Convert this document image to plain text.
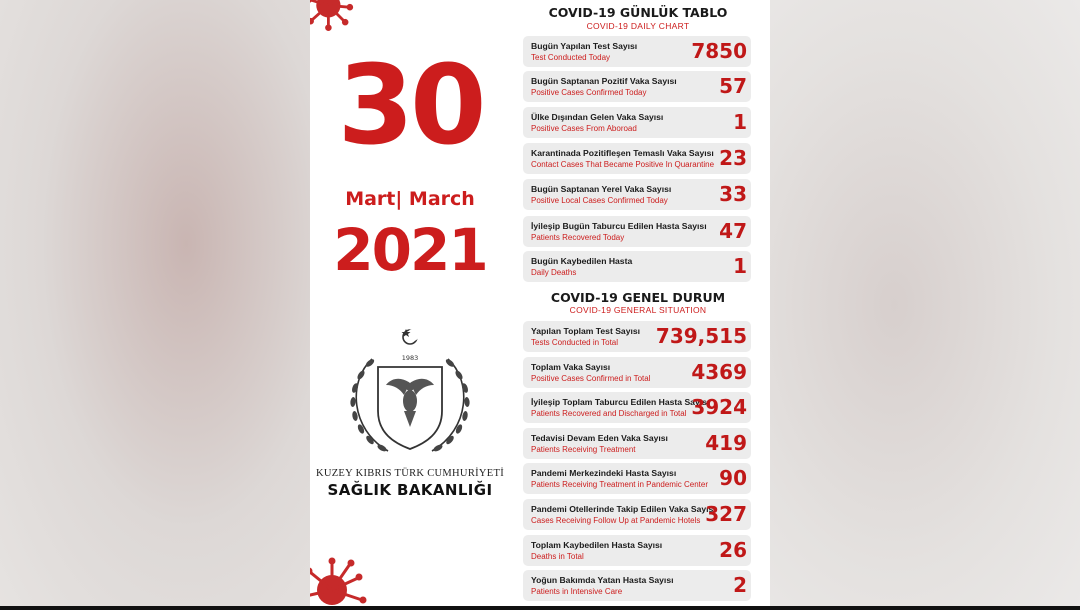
30
Mart| March
2021
1983
KUZEY KIBRIS TÜRK CUMHURİYETİ
SAĞLIK BAKANLIĞI
COVID-19 GÜNLÜK TABLO
COVID-19 DAILY CHART
Bugün Yapılan Test Sayısı
Test Conducted Today	7850
Bugün Saptanan Pozitif Vaka Sayısı
Positive Cases Confirmed Today	57
Ülke Dışından Gelen Vaka Sayısı
Positive Cases From Aboroad	1
Karantinada Pozitifleşen Temaslı Vaka Sayısı
Contact Cases That Became Positive In Quarantine 23
Bugün Saptanan Yerel Vaka Sayısı
Positive Local Cases Confirmed Today	33
İyileşip Bugün Taburcu Edilen Hasta Sayısı
Patients Recovered Today	47
Bugün Kaybedilen Hasta
Daily Deaths	1
COVID-19 GENEL DURUM
COVID-19 GENERAL SITUATION
Yapılan Toplam Test Sayısı
Tests Conducted in Total 739,515
Toplam Vaka Sayısı
Positive Cases Confirmed in Total 4369
İyileşip Toplam Taburcu Edilen Hasta Sayısı
Patients Recovered and Discharged in Total 3924
Tedavisi Devam Eden Vaka Sayısı
Patients Receiving Treatment	419
Pandemi Merkezindeki Hasta Sayısı
Patients Receiving Treatment in Pandemic Center 90
Pandemi Otellerinde Takip Edilen Vaka Sayısı
Cases Receiving Follow Up at Pandemic Hotels 327
Toplam Kaybedilen Hasta Sayısı
Deaths in Total	26
Yoğun Bakımda Yatan Hasta Sayısı
Patients in Intensive Care	2
